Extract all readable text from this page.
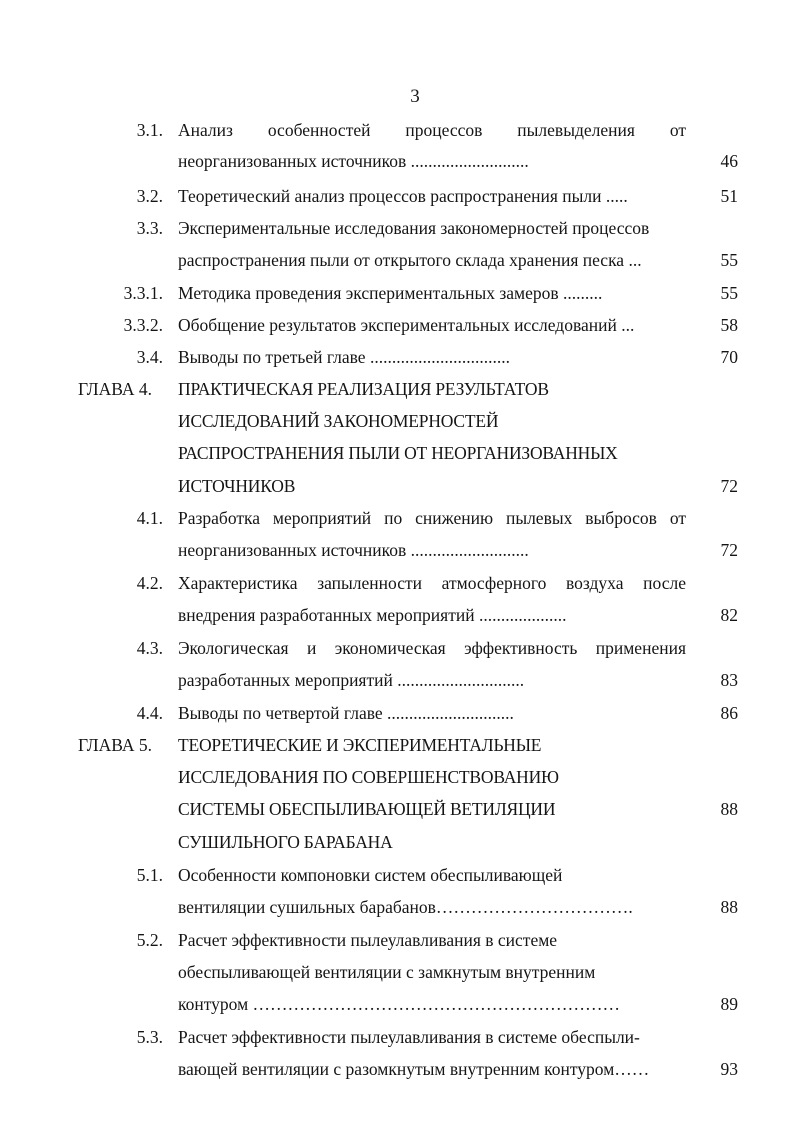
3
3.1. Анализ особенностей процессов пылевыделения от
неорганизованных источников ...........................	46
3.2. Теоретический анализ процессов распространения пыли .....	51
3.3. Экспериментальные исследования закономерностей процессов
распространения пыли от открытого склада хранения песка ...	55
3.3.1. Методика проведения экспериментальных замеров .........	55
3.3.2. Обобщение результатов экспериментальных исследований ...	58
3.4. Выводы по третьей главе ................................	70
ГЛАВА 4. ПРАКТИЧЕСКАЯ РЕАЛИЗАЦИЯ РЕЗУЛЬТАТОВ
ИССЛЕДОВАНИЙ ЗАКОНОМЕРНОСТЕЙ
РАСПРОСТРАНЕНИЯ ПЫЛИ ОТ НЕОРГАНИЗОВАННЫХ
ИСТОЧНИКОВ	72
4.1. Разработка мероприятий по снижению пылевых выбросов от
неорганизованных источников ...........................	72
4.2. Характеристика запыленности атмосферного воздуха после
внедрения разработанных мероприятий ....................	82
4.3. Экологическая и экономическая эффективность применения
разработанных мероприятий .............................	83
4.4. Выводы по четвертой главе .............................	86
ГЛАВА 5. ТЕОРЕТИЧЕСКИЕ И ЭКСПЕРИМЕНТАЛЬНЫЕ
ИССЛЕДОВАНИЯ ПО СОВЕРШЕНСТВОВАНИЮ
СИСТЕМЫ ОБЕСПЫЛИВАЮЩЕЙ ВЕТИЛЯЦИИ	88
СУШИЛЬНОГО БАРАБАНА
5.1. Особенности компоновки систем обеспыливающей
вентиляции сушильных барабанов…………………………….	88
5.2. Расчет эффективности пылеулавливания в системе
обеспыливающей вентиляции с замкнутым внутренним
контуром ………………………………………………………	89
5.3. Расчет эффективности пылеулавливания в системе обеспыли-
вающей вентиляции с разомкнутым внутренним контуром……	93
